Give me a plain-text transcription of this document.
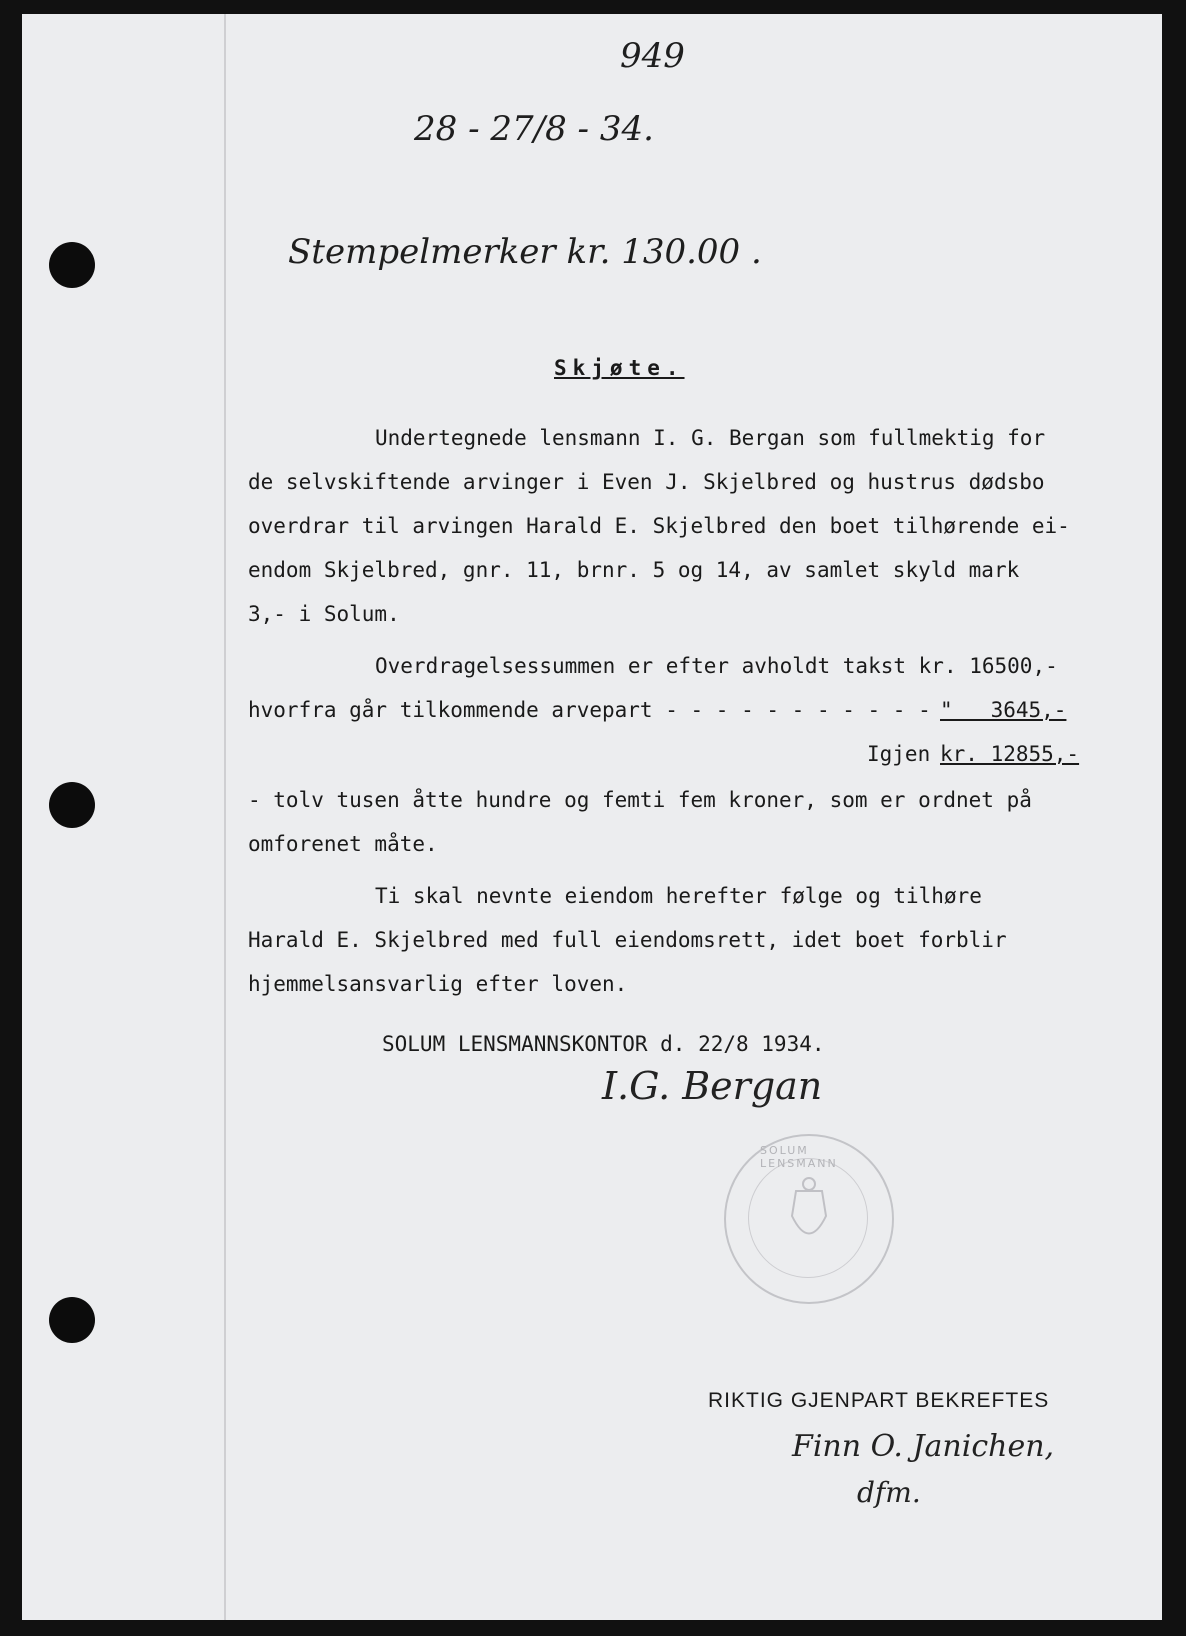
949
28 - 27/8 - 34.
Stempelmerker kr. 130.00 .
Skjøte.
Undertegnede lensmann I. G. Bergan som fullmektig for
de selvskiftende arvinger i Even J. Skjelbred og hustrus dødsbo
overdrar til arvingen Harald E. Skjelbred den boet tilhørende ei-
endom Skjelbred, gnr. 11, brnr. 5 og 14, av samlet skyld mark
3,- i Solum.
Overdragelsessummen er efter avholdt takst kr. 16500,-
hvorfra går tilkommende arvepart - - - - - - - - - - - "   3645,-
Igjen kr. 12855,-
- tolv tusen åtte hundre og femti fem kroner, som er ordnet på
omforenet måte.
Ti skal nevnte eiendom herefter følge og tilhøre
Harald E. Skjelbred med full eiendomsrett, idet boet forblir
hjemmelsansvarlig efter loven.
SOLUM LENSMANNSKONTOR d. 22/8 1934.
I.G. Bergan
SOLUM LENSMANN
RIKTIG GJENPART BEKREFTES
Finn O. Janichen,
dfm.
